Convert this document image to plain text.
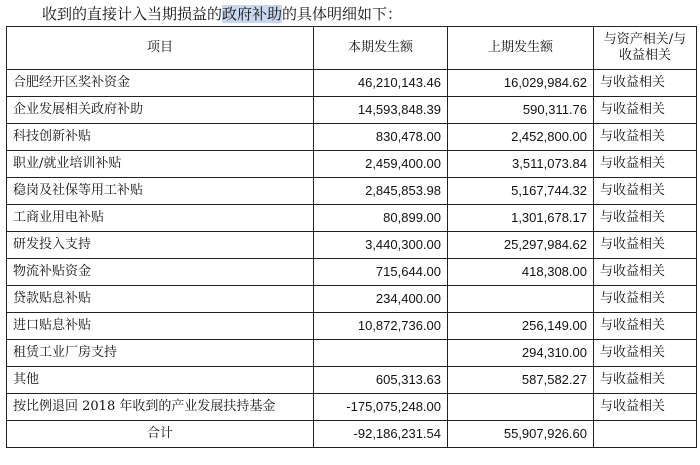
收到的直接计入当期损益的政府补助的具体明细如下：
项目	本期发生额	上期发生额	与资产相关/与
收益相关

合肥经开区奖补资金	46,210,143.46	16,029,984.62	与收益相关
企业发展相关政府补助	14,593,848.39	590,311.76	与收益相关
科技创新补贴	830,478.00	2,452,800.00	与收益相关
职业/就业培训补贴	2,459,400.00	3,511,073.84	与收益相关
稳岗及社保等用工补贴	2,845,853.98	5,167,744.32	与收益相关
工商业用电补贴	80,899.00	1,301,678.17	与收益相关
研发投入支持	3,440,300.00	25,297,984.62	与收益相关
物流补贴资金	715,644.00	418,308.00	与收益相关
贷款贴息补贴	234,400.00		与收益相关
进口贴息补贴	10,872,736.00	256,149.00	与收益相关
租赁工业厂房支持		294,310.00	与收益相关
其他	605,313.63	587,582.27	与收益相关
按比例退回 2018 年收到的产业发展扶持基金	-175,075,248.00		与收益相关
合计	-92,186,231.54	55,907,926.60	
